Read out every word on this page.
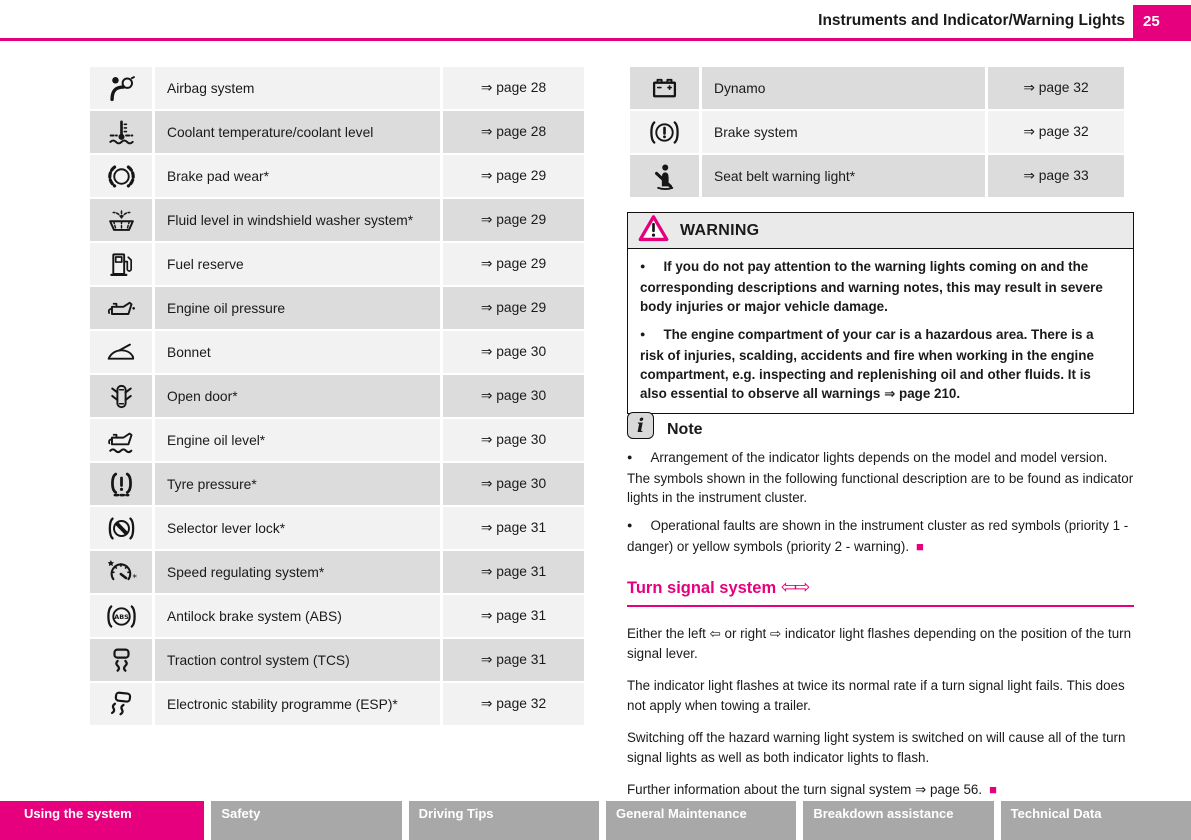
Instruments and Indicator/Warning Lights	25
	Airbag system	⇒ page 28
	Coolant temperature/coolant level	⇒ page 28
	Brake pad wear*	⇒ page 29
	Fluid level in windshield washer system*	⇒ page 29
	Fuel reserve	⇒ page 29
	Engine oil pressure	⇒ page 29
	Bonnet	⇒ page 30
	Open door*	⇒ page 30
	Engine oil level*	⇒ page 30
	Tyre pressure*	⇒ page 30
	Selector lever lock*	⇒ page 31

*	Speed regulating system*	⇒ page 31

ABS	Antilock brake system (ABS)	⇒ page 31
	Traction control system (TCS)	⇒ page 31
	Electronic stability programme (ESP)*	⇒ page 32
	Dynamo	⇒ page 32
	Brake system	⇒ page 32
	Seat belt warning light*	⇒ page 33
WARNING
● If you do not pay attention to the warning lights coming on and the corresponding descriptions and warning notes, this may result in severe body injuries or major vehicle damage.
● The engine compartment of your car is a hazardous area. There is a risk of injuries, scalding, accidents and fire when working in the engine compartment, e.g. inspecting and replenishing oil and other fluids. It is also essential to observe all warnings ⇒ page 210.
i	Note
● Arrangement of the indicator lights depends on the model and model version. The symbols shown in the following functional description are to be found as indicator lights in the instrument cluster.
● Operational faults are shown in the instrument cluster as red symbols (priority 1 - danger) or yellow symbols (priority 2 - warning). ■
Turn signal system ⇦⇨
Either the left ⇦ or right ⇨ indicator light flashes depending on the position of the turn signal lever.
The indicator light flashes at twice its normal rate if a turn signal light fails. This does not apply when towing a trailer.
Switching off the hazard warning light system is switched on will cause all of the turn signal lights as well as both indicator lights to flash.
Further information about the turn signal system ⇒ page 56. ■
Using the system	Safety	Driving Tips	General Maintenance	Breakdown assistance	Technical Data
